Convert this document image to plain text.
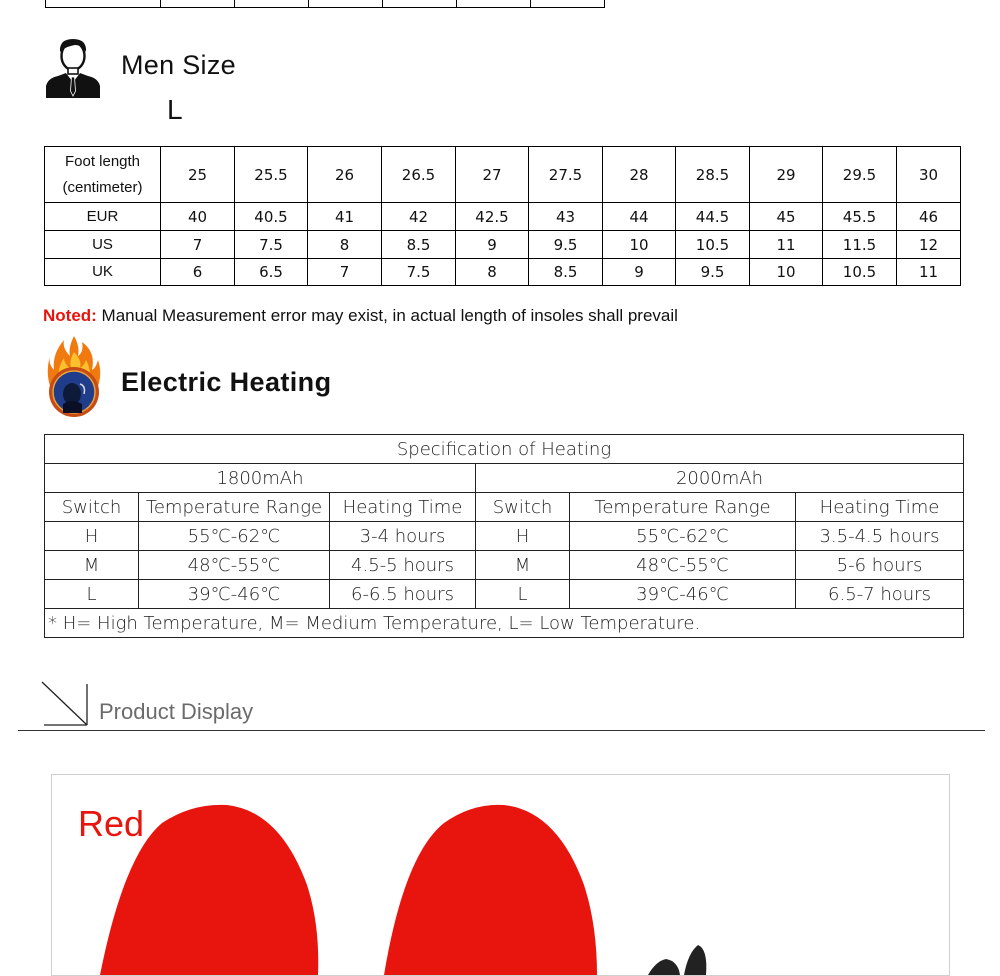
Men Size
L
Foot length
(centimeter)	25	25.5	26	26.5	27	27.5	28	28.5	29	29.5	30
EUR	40	40.5	41	42	42.5	43	44	44.5	45	45.5	46
US	7	7.5	8	8.5	9	9.5	10	10.5	11	11.5	12
UK	6	6.5	7	7.5	8	8.5	9	9.5	10	10.5	11
Noted: Manual Measurement error may exist, in actual length of insoles shall prevail
Electric Heating
Specification of Heating					
1800mAh			2000mAh		
Switch	Temperature Range	Heating Time	Switch	Temperature Range	Heating Time
H	55℃-62℃	3-4 hours	H	55℃-62℃	3.5-4.5 hours
M	48℃-55℃	4.5-5 hours	M	48℃-55℃	5-6 hours
L	39℃-46℃	6-6.5 hours	L	39℃-46℃	6.5-7 hours
* H= High Temperature, M= Medium Temperature, L= Low Temperature.					
Product Display
Red
